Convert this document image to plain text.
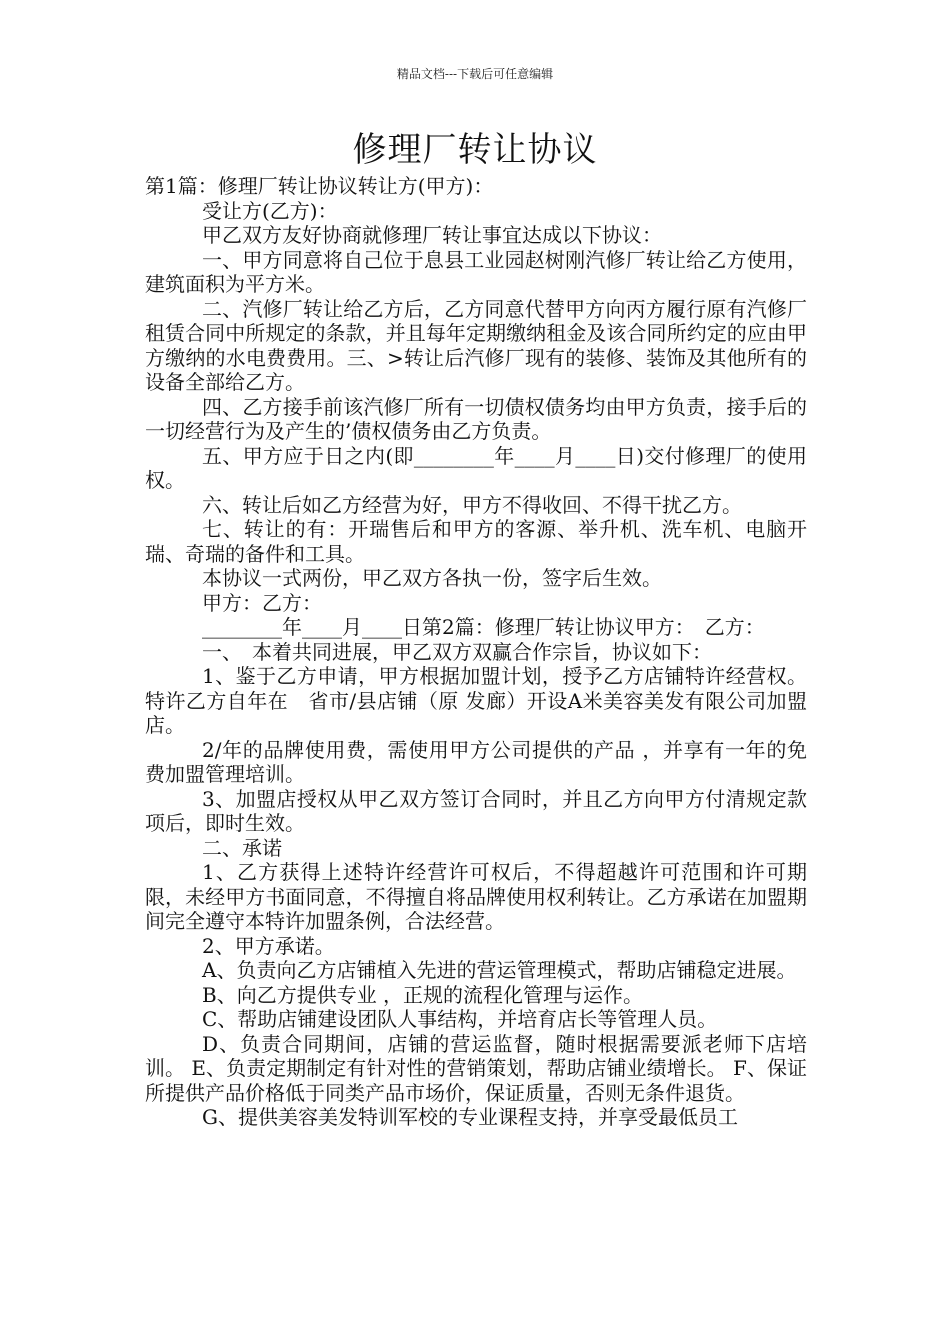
精品文档---下载后可任意编辑
修理厂转让协议

第1篇：修理厂转让协议转让方(甲方)：

受让方(乙方)：

甲乙双方友好协商就修理厂转让事宜达成以下协议：

一、甲方同意将自己位于息县工业园赵树刚汽修厂转让给乙方使用，建筑面积为平方米。

二、汽修厂转让给乙方后，乙方同意代替甲方向丙方履行原有汽修厂租赁合同中所规定的条款，并且每年定期缴纳租金及该合同所约定的应由甲方缴纳的水电费费用。三、>转让后汽修厂现有的装修、装饰及其他所有的设备全部给乙方。

四、乙方接手前该汽修厂所有一切债权债务均由甲方负责，接手后的一切经营行为及产生的’债权债务由乙方负责。

五、甲方应于日之内(即________年____月____日)交付修理厂的使用权。

六、转让后如乙方经营为好，甲方不得收回、不得干扰乙方。

七、转让的有：开瑞售后和甲方的客源、举升机、洗车机、电脑开瑞、奇瑞的备件和工具。

本协议一式两份，甲乙双方各执一份，签字后生效。

甲方：乙方：

________年____月____日第2篇：修理厂转让协议甲方：　乙方：

一、　本着共同进展，甲乙双方双赢合作宗旨，协议如下：

1、鉴于乙方申请，甲方根据加盟计划，授予乙方店铺特许经营权。特许乙方自年在　省市/县店铺（原 发廊）开设A米美容美发有限公司加盟店。

2/年的品牌使用费，需使用甲方公司提供的产品 ，并享有一年的免费加盟管理培训。

3、加盟店授权从甲乙双方签订合同时，并且乙方向甲方付清规定款项后，即时生效。

二、承诺

1、乙方获得上述特许经营许可权后，不得超越许可范围和许可期限，未经甲方书面同意，不得擅自将品牌使用权利转让。乙方承诺在加盟期间完全遵守本特许加盟条例，合法经营。

2、甲方承诺。

A、负责向乙方店铺植入先进的营运管理模式，帮助店铺稳定进展。

B、向乙方提供专业 ，正规的流程化管理与运作。

C、帮助店铺建设团队人事结构，并培育店长等管理人员。

D、负责合同期间，店铺的营运监督，随时根据需要派老师下店培训。 E、负责定期制定有针对性的营销策划，帮助店铺业绩增长。 F、保证所提供产品价格低于同类产品市场价，保证质量，否则无条件退货。

G、提供美容美发特训军校的专业课程支持，并享受最低员工
